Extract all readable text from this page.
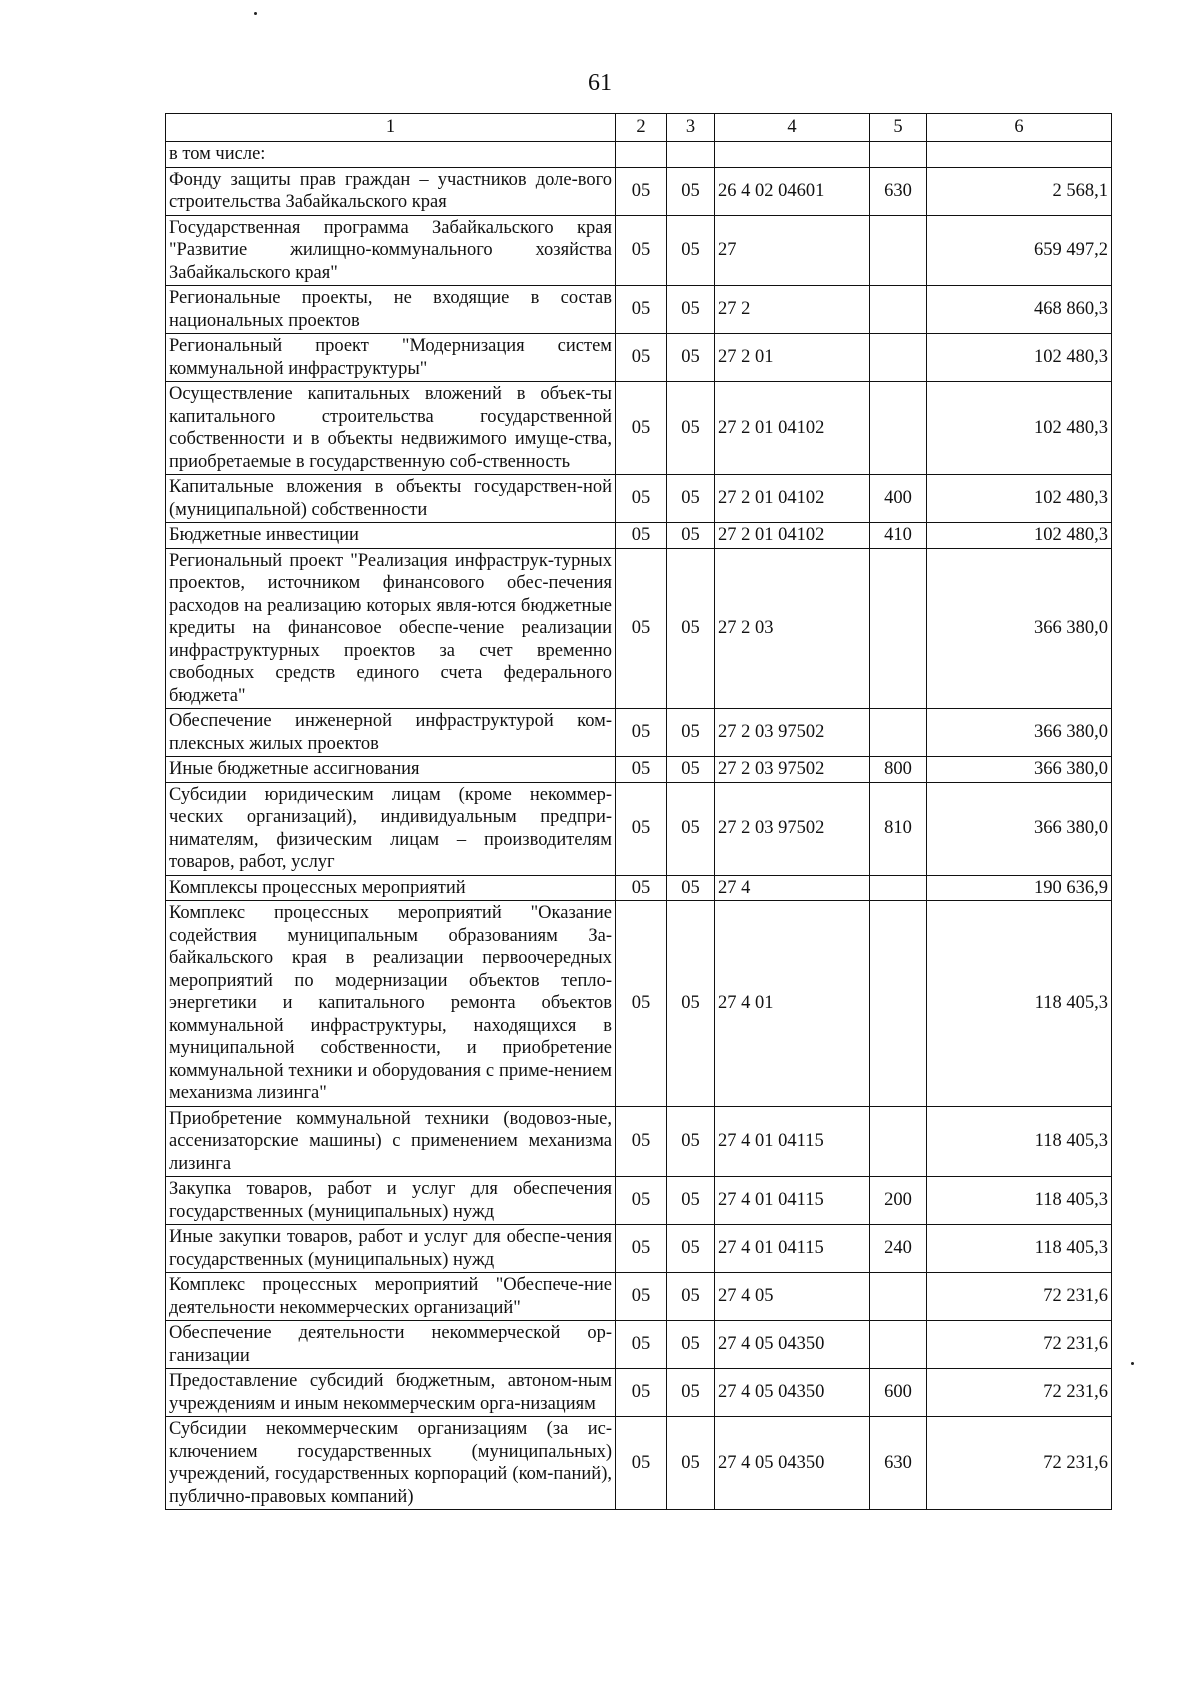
61
1	2	3	4	5	6
в том числе:					
Фонду защиты прав граждан – участников доле-вого строительства Забайкальского края	05	05	26 4 02 04601	630	2 568,1
Государственная программа Забайкальского края "Развитие жилищно-коммунального хозяйства Забайкальского края"	05	05	27		659 497,2
Региональные проекты, не входящие в состав национальных проектов	05	05	27 2		468 860,3
Региональный проект "Модернизация систем коммунальной инфраструктуры"	05	05	27 2 01		102 480,3
Осуществление капитальных вложений в объек-ты капитального строительства государственной собственности и в объекты недвижимого имуще-ства, приобретаемые в государственную соб-ственность	05	05	27 2 01 04102		102 480,3
Капитальные вложения в объекты государствен-ной (муниципальной) собственности	05	05	27 2 01 04102	400	102 480,3
Бюджетные инвестиции	05	05	27 2 01 04102	410	102 480,3
Региональный проект "Реализация инфраструк-турных проектов, источником финансового обес-печения расходов на реализацию которых явля-ются бюджетные кредиты на финансовое обеспе-чение реализации инфраструктурных проектов за счет временно свободных средств единого счета федерального бюджета"	05	05	27 2 03		366 380,0
Обеспечение инженерной инфраструктурой ком-плексных жилых проектов	05	05	27 2 03 97502		366 380,0
Иные бюджетные ассигнования	05	05	27 2 03 97502	800	366 380,0
Субсидии юридическим лицам (кроме некоммер-ческих организаций), индивидуальным предпри-нимателям, физическим лицам – производителям товаров, работ, услуг	05	05	27 2 03 97502	810	366 380,0
Комплексы процессных мероприятий	05	05	27 4		190 636,9
Комплекс процессных мероприятий "Оказание содействия муниципальным образованиям За-байкальского края в реализации первоочередных мероприятий по модернизации объектов тепло-энергетики и капитального ремонта объектов коммунальной инфраструктуры, находящихся в муниципальной собственности, и приобретение коммунальной техники и оборудования с приме-нением механизма лизинга"	05	05	27 4 01		118 405,3
Приобретение коммунальной техники (водовоз-ные, ассенизаторские машины) с применением механизма лизинга	05	05	27 4 01 04115		118 405,3
Закупка товаров, работ и услуг для обеспечения государственных (муниципальных) нужд	05	05	27 4 01 04115	200	118 405,3
Иные закупки товаров, работ и услуг для обеспе-чения государственных (муниципальных) нужд	05	05	27 4 01 04115	240	118 405,3
Комплекс процессных мероприятий "Обеспече-ние деятельности некоммерческих организаций"	05	05	27 4 05		72 231,6
Обеспечение деятельности некоммерческой ор-ганизации	05	05	27 4 05 04350		72 231,6
Предоставление субсидий бюджетным, автоном-ным учреждениям и иным некоммерческим орга-низациям	05	05	27 4 05 04350	600	72 231,6
Субсидии некоммерческим организациям (за ис-ключением государственных (муниципальных) учреждений, государственных корпораций (ком-паний), публично-правовых компаний)	05	05	27 4 05 04350	630	72 231,6
